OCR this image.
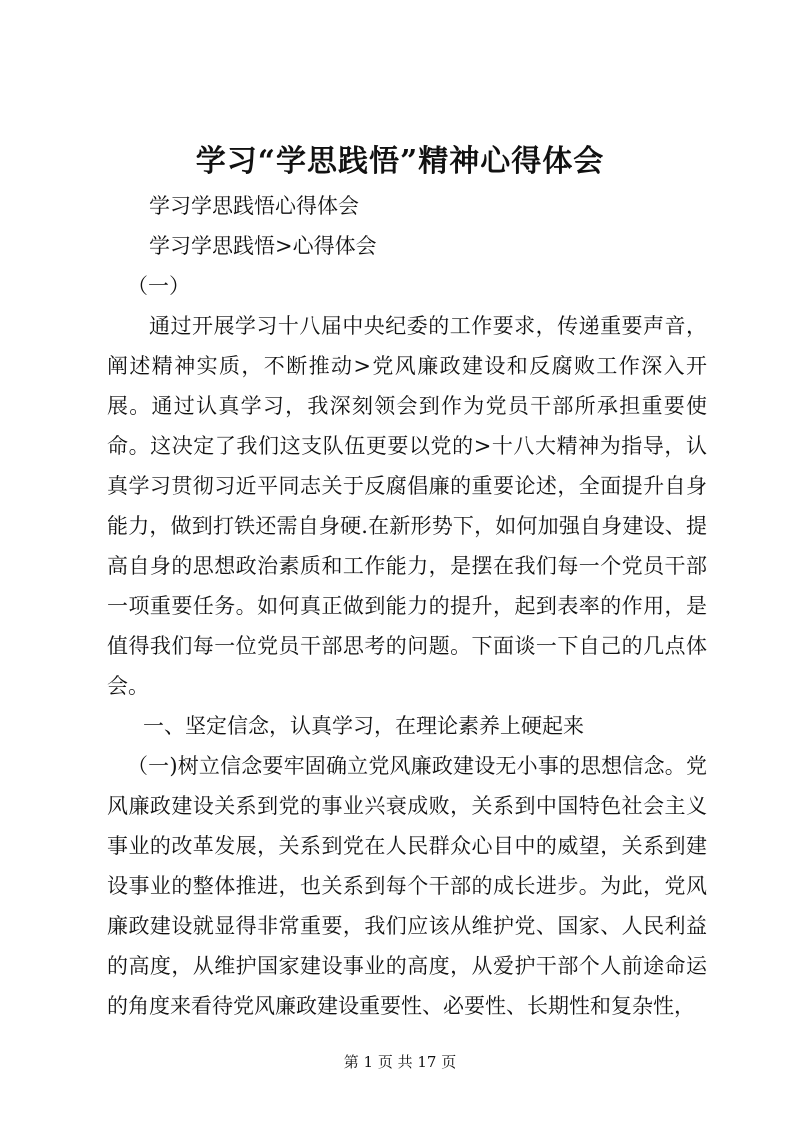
学习“学思践悟”精神心得体会

学习学思践悟心得体会

学习学思践悟>心得体会

（一）

通过开展学习十八届中央纪委的工作要求，传递重要声音，阐述精神实质，不断推动>党风廉政建设和反腐败工作深入开展。通过认真学习，我深刻领会到作为党员干部所承担重要使命。这决定了我们这支队伍更要以党的>十八大精神为指导，认真学习贯彻习近平同志关于反腐倡廉的重要论述，全面提升自身能力，做到打铁还需自身硬.在新形势下，如何加强自身建设、提高自身的思想政治素质和工作能力，是摆在我们每一个党员干部一项重要任务。如何真正做到能力的提升，起到表率的作用，是值得我们每一位党员干部思考的问题。下面谈一下自己的几点体会。

一、坚定信念，认真学习，在理论素养上硬起来

（一)树立信念要牢固确立党风廉政建设无小事的思想信念。党风廉政建设关系到党的事业兴衰成败，关系到中国特色社会主义事业的改革发展，关系到党在人民群众心目中的威望，关系到建设事业的整体推进，也关系到每个干部的成长进步。为此，党风廉政建设就显得非常重要，我们应该从维护党、国家、人民利益的高度，从维护国家建设事业的高度，从爱护干部个人前途命运的角度来看待党风廉政建设重要性、必要性、长期性和复杂性，

第 1 页 共 17 页
